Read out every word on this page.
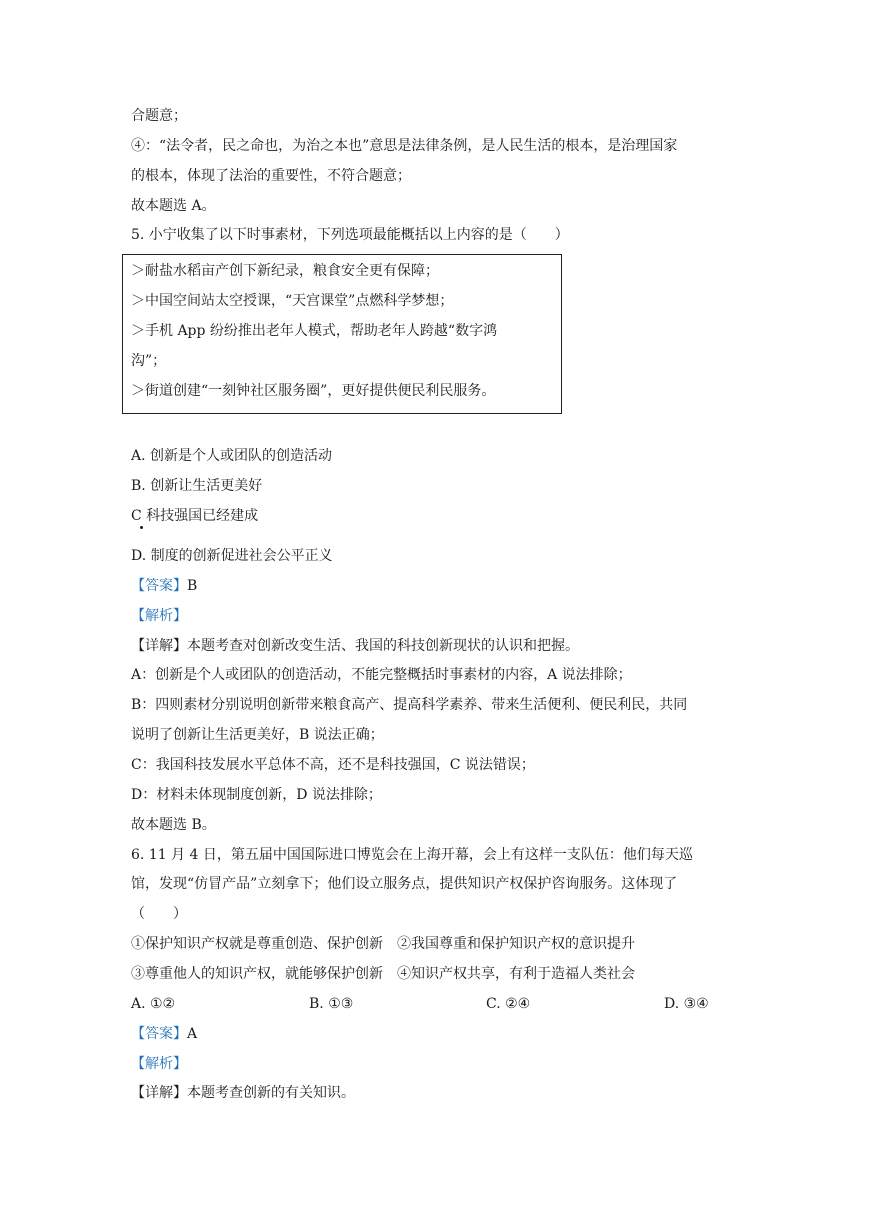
合题意；
④：“法令者，民之命也，为治之本也”意思是法律条例，是人民生活的根本，是治理国家
的根本，体现了法治的重要性，不符合题意；
故本题选 A。
5. 小宁收集了以下时事素材，下列选项最能概括以上内容的是（　　）
＞耐盐水稻亩产创下新纪录，粮食安全更有保障；
＞中国空间站太空授课，“天宫课堂”点燃科学梦想；
＞手机 App 纷纷推出老年人模式，帮助老年人跨越“数字鸿
沟”；
＞街道创建“一刻钟社区服务圈”，更好提供便民利民服务。
A. 创新是个人或团队的创造活动
B. 创新让生活更美好
C 科技强国已经建成
D. 制度的创新促进社会公平正义
【答案】B
【解析】
【详解】本题考查对创新改变生活、我国的科技创新现状的认识和把握。
A：创新是个人或团队的创造活动，不能完整概括时事素材的内容，A 说法排除；
B：四则素材分别说明创新带来粮食高产、提高科学素养、带来生活便利、便民利民，共同
说明了创新让生活更美好，B 说法正确；
C：我国科技发展水平总体不高，还不是科技强国，C 说法错误；
D：材料未体现制度创新，D 说法排除；
故本题选 B。
6. 11 月 4 日，第五届中国国际进口博览会在上海开幕，会上有这样一支队伍：他们每天巡
馆，发现“仿冒产品”立刻拿下；他们设立服务点，提供知识产权保护咨询服务。这体现了
（　　）
①保护知识产权就是尊重创造、保护创新　②我国尊重和保护知识产权的意识提升
③尊重他人的知识产权，就能够保护创新　④知识产权共享，有利于造福人类社会
A. ①②	B. ①③	C. ②④	D. ③④
【答案】A
【解析】
【详解】本题考查创新的有关知识。
